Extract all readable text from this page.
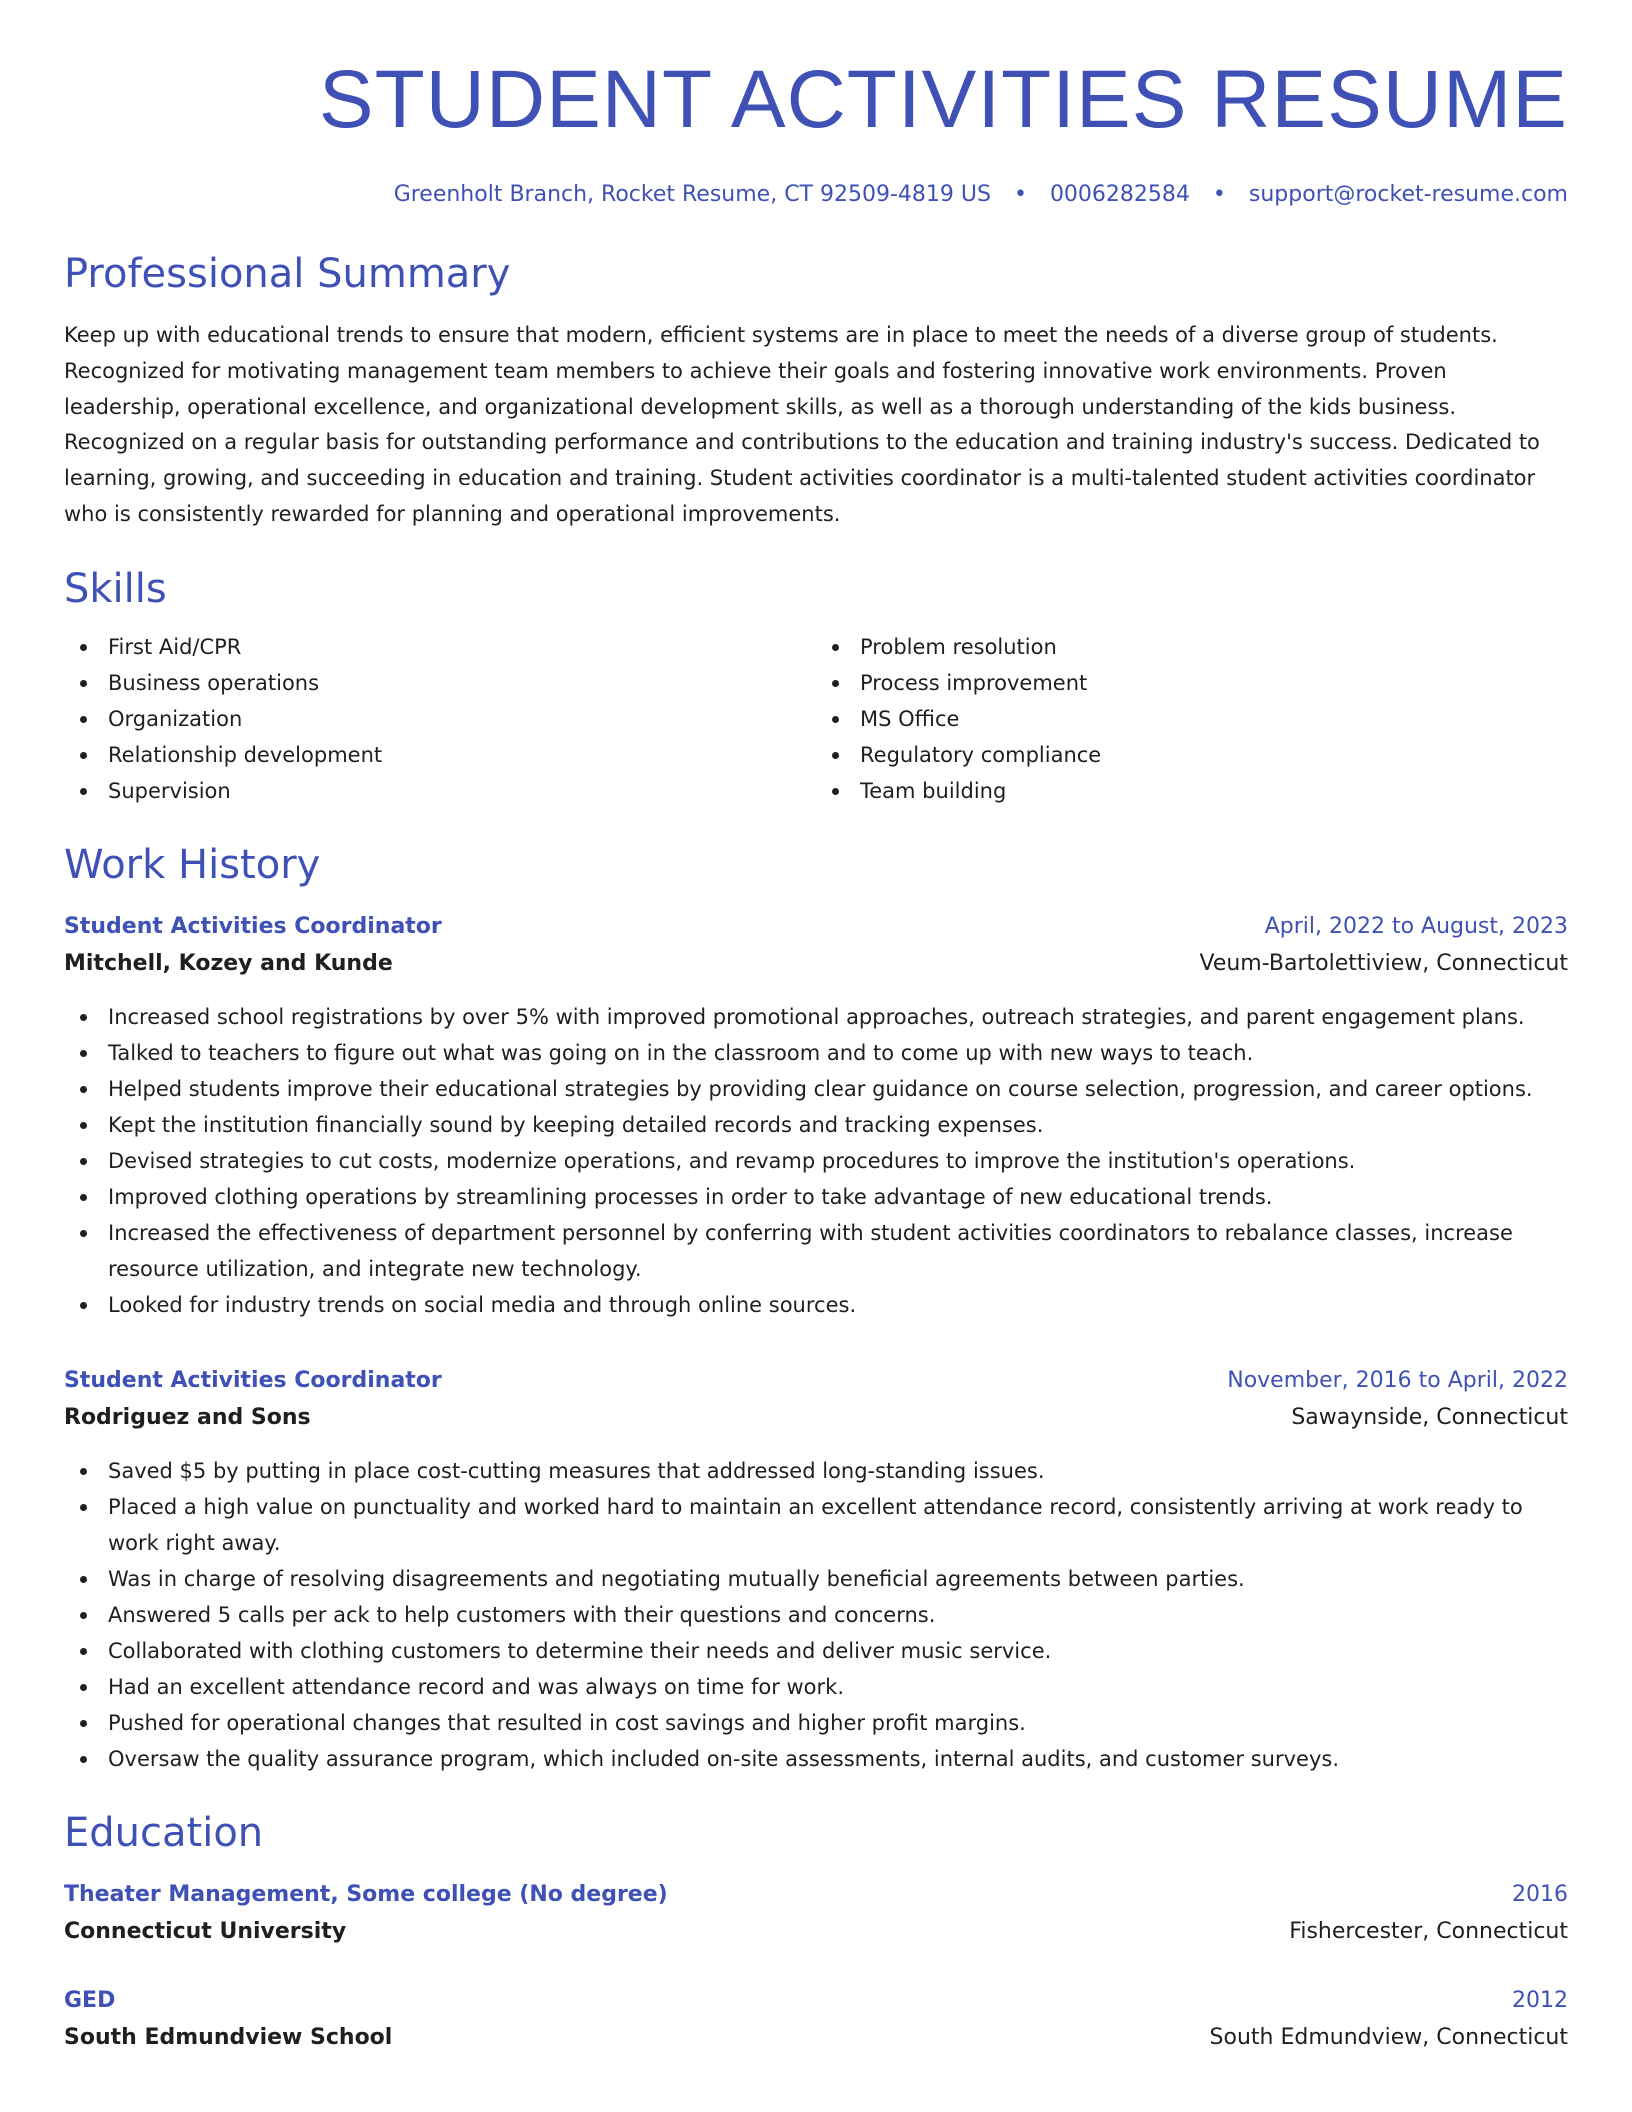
STUDENT ACTIVITIES RESUME
Greenholt Branch, Rocket Resume, CT 92509-4819 US • 0006282584 • support@rocket-resume.com
Professional Summary

Keep up with educational trends to ensure that modern, efficient systems are in place to meet the needs of a diverse group of students. Recognized for motivating management team members to achieve their goals and fostering innovative work environments. Proven leadership, operational excellence, and organizational development skills, as well as a thorough understanding of the kids business. Recognized on a regular basis for outstanding performance and contributions to the education and training industry's success. Dedicated to learning, growing, and succeeding in education and training. Student activities coordinator is a multi-talented student activities coordinator who is consistently rewarded for planning and operational improvements.

Skills
First Aid/CPR
Business operations
Organization
Relationship development
Supervision
Problem resolution
Process improvement
MS Office
Regulatory compliance
Team building
Work History
Student Activities Coordinator	April, 2022 to August, 2023
Mitchell, Kozey and Kunde	Veum-Bartolettiview, Connecticut
Increased school registrations by over 5% with improved promotional approaches, outreach strategies, and parent engagement plans.
Talked to teachers to figure out what was going on in the classroom and to come up with new ways to teach.
Helped students improve their educational strategies by providing clear guidance on course selection, progression, and career options.
Kept the institution financially sound by keeping detailed records and tracking expenses.
Devised strategies to cut costs, modernize operations, and revamp procedures to improve the institution's operations.
Improved clothing operations by streamlining processes in order to take advantage of new educational trends.
Increased the effectiveness of department personnel by conferring with student activities coordinators to rebalance classes, increase resource utilization, and integrate new technology.
Looked for industry trends on social media and through online sources.
Student Activities Coordinator	November, 2016 to April, 2022
Rodriguez and Sons	Sawaynside, Connecticut
Saved $5 by putting in place cost-cutting measures that addressed long-standing issues.
Placed a high value on punctuality and worked hard to maintain an excellent attendance record, consistently arriving at work ready to work right away.
Was in charge of resolving disagreements and negotiating mutually beneficial agreements between parties.
Answered 5 calls per ack to help customers with their questions and concerns.
Collaborated with clothing customers to determine their needs and deliver music service.
Had an excellent attendance record and was always on time for work.
Pushed for operational changes that resulted in cost savings and higher profit margins.
Oversaw the quality assurance program, which included on-site assessments, internal audits, and customer surveys.
Education
Theater Management, Some college (No degree)	2016
Connecticut University	Fishercester, Connecticut
GED	2012
South Edmundview School	South Edmundview, Connecticut
